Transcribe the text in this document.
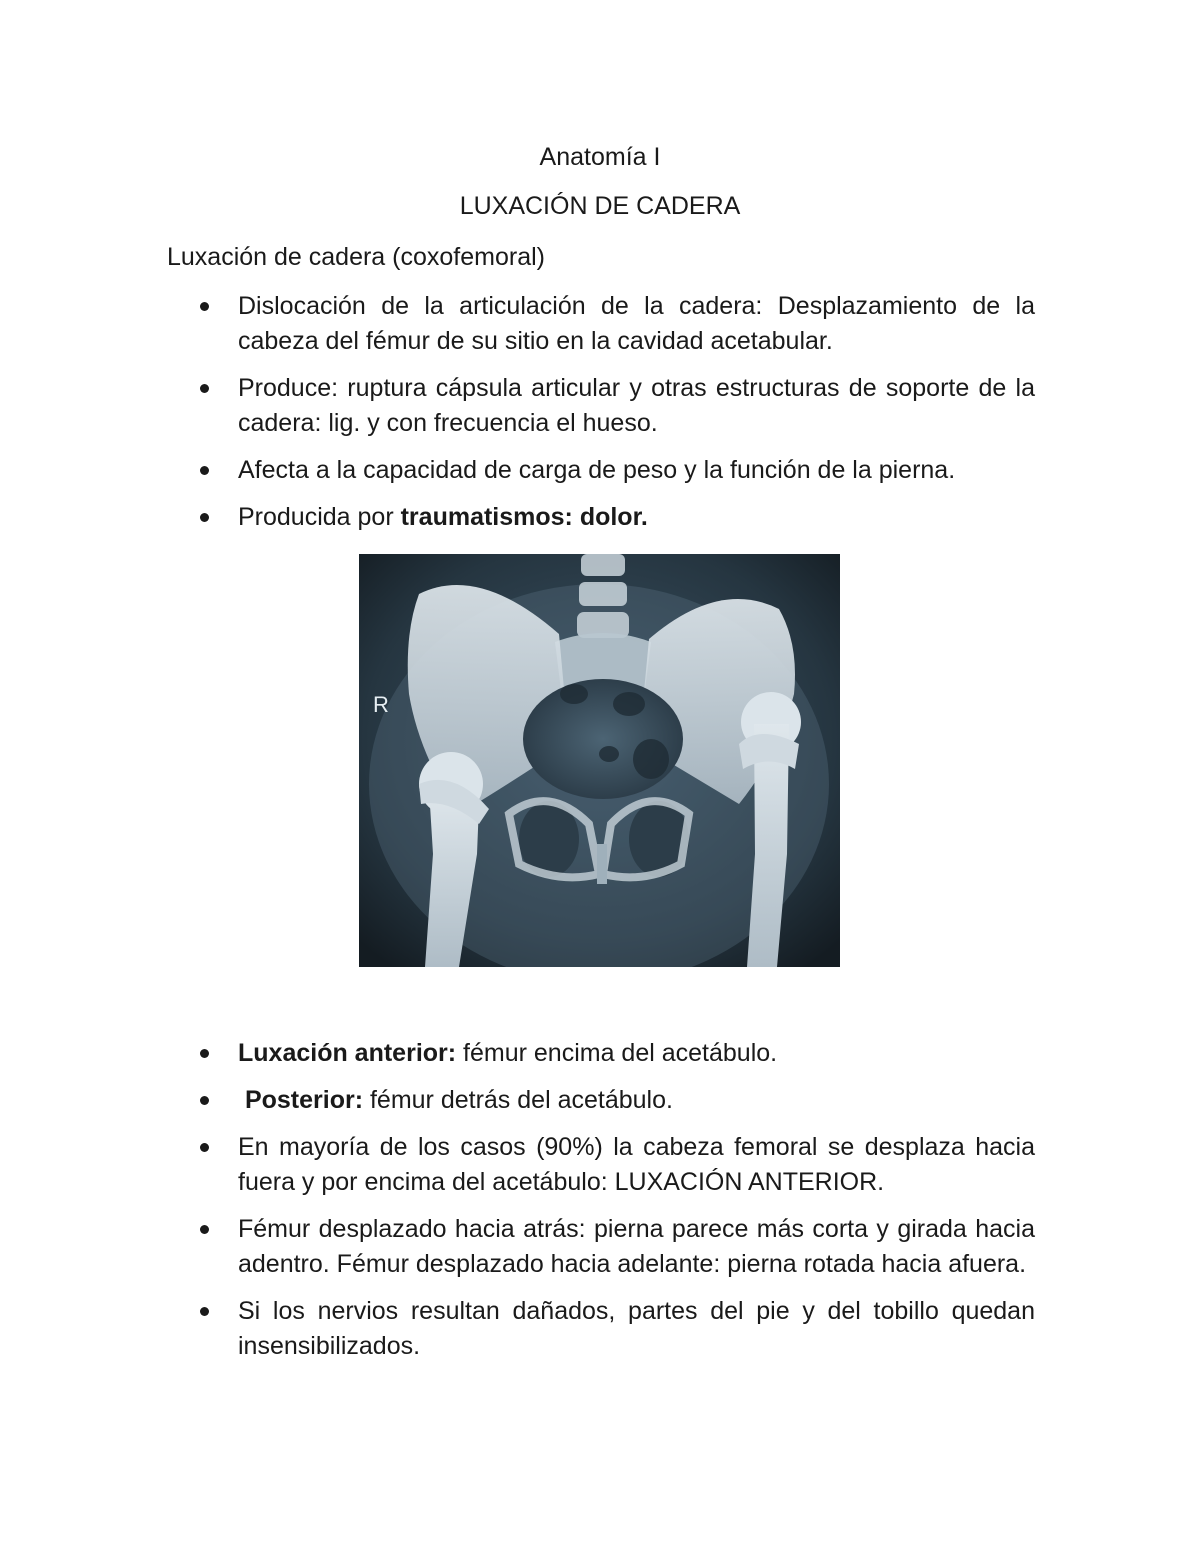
Anatomía I
LUXACIÓN DE CADERA
Luxación de cadera (coxofemoral)
Dislocación de la articulación de la cadera: Desplazamiento de la cabeza del fémur de su sitio en la cavidad acetabular.
Produce: ruptura cápsula articular y otras estructuras de soporte de la cadera: lig. y con frecuencia el hueso.
Afecta a la capacidad de carga de peso y la función de la pierna.
Producida por traumatismos: dolor.
R
Luxación anterior: fémur encima del acetábulo.
Posterior: fémur detrás del acetábulo.
En mayoría de los casos (90%) la cabeza femoral se desplaza hacia fuera y por encima del acetábulo: LUXACIÓN ANTERIOR.
Fémur desplazado hacia atrás: pierna parece más corta y girada hacia adentro. Fémur desplazado hacia adelante: pierna rotada hacia afuera.
Si los nervios resultan dañados, partes del pie y del tobillo quedan insensibilizados.
